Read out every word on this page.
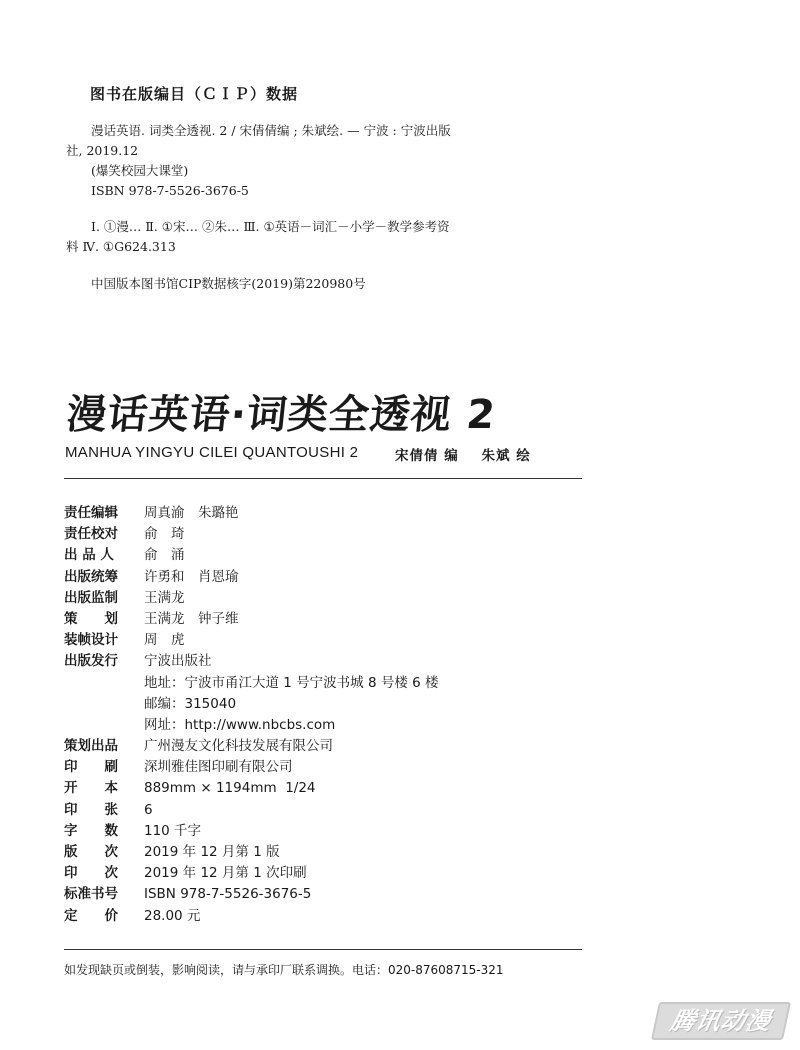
图书在版编目（ＣＩＰ）数据
　　漫话英语. 词类全透视. 2 / 宋倩倩编 ; 朱斌绘. — 宁波 : 宁波出版
社, 2019.12
　　(爆笑校园大课堂)
　　ISBN 978-7-5526-3676-5
　　Ⅰ. ①漫… Ⅱ. ①宋… ②朱… Ⅲ. ①英语－词汇－小学－教学参考资
料 Ⅳ. ①G624.313
　　中国版本图书馆CIP数据核字(2019)第220980号
漫话英语·词类全透视 2
MANHUA YINGYU CILEI QUANTOUSHI 2	宋倩倩 编    朱斌 绘
责任编辑	周真渝　朱璐艳
责任校对	俞　琦
出 品 人	俞　涌
出版统筹	许勇和　肖恩瑜
出版监制	王满龙
策　　划	王满龙　钟子维
装帧设计	周　虎
出版发行	宁波出版社
地址：宁波市甬江大道 1 号宁波书城 8 号楼 6 楼
邮编：315040
网址：http://www.nbcbs.com
策划出品	广州漫友文化科技发展有限公司
印　　刷	深圳雅佳图印刷有限公司
开　　本	889mm × 1194mm  1/24
印　　张	6
字　　数	110 千字
版　　次	2019 年 12 月第 1 版
印　　次	2019 年 12 月第 1 次印刷
标准书号	ISBN 978-7-5526-3676-5
定　　价	28.00 元
如发现缺页或倒装，影响阅读，请与承印厂联系调换。电话：020-87608715-321
腾讯动漫
